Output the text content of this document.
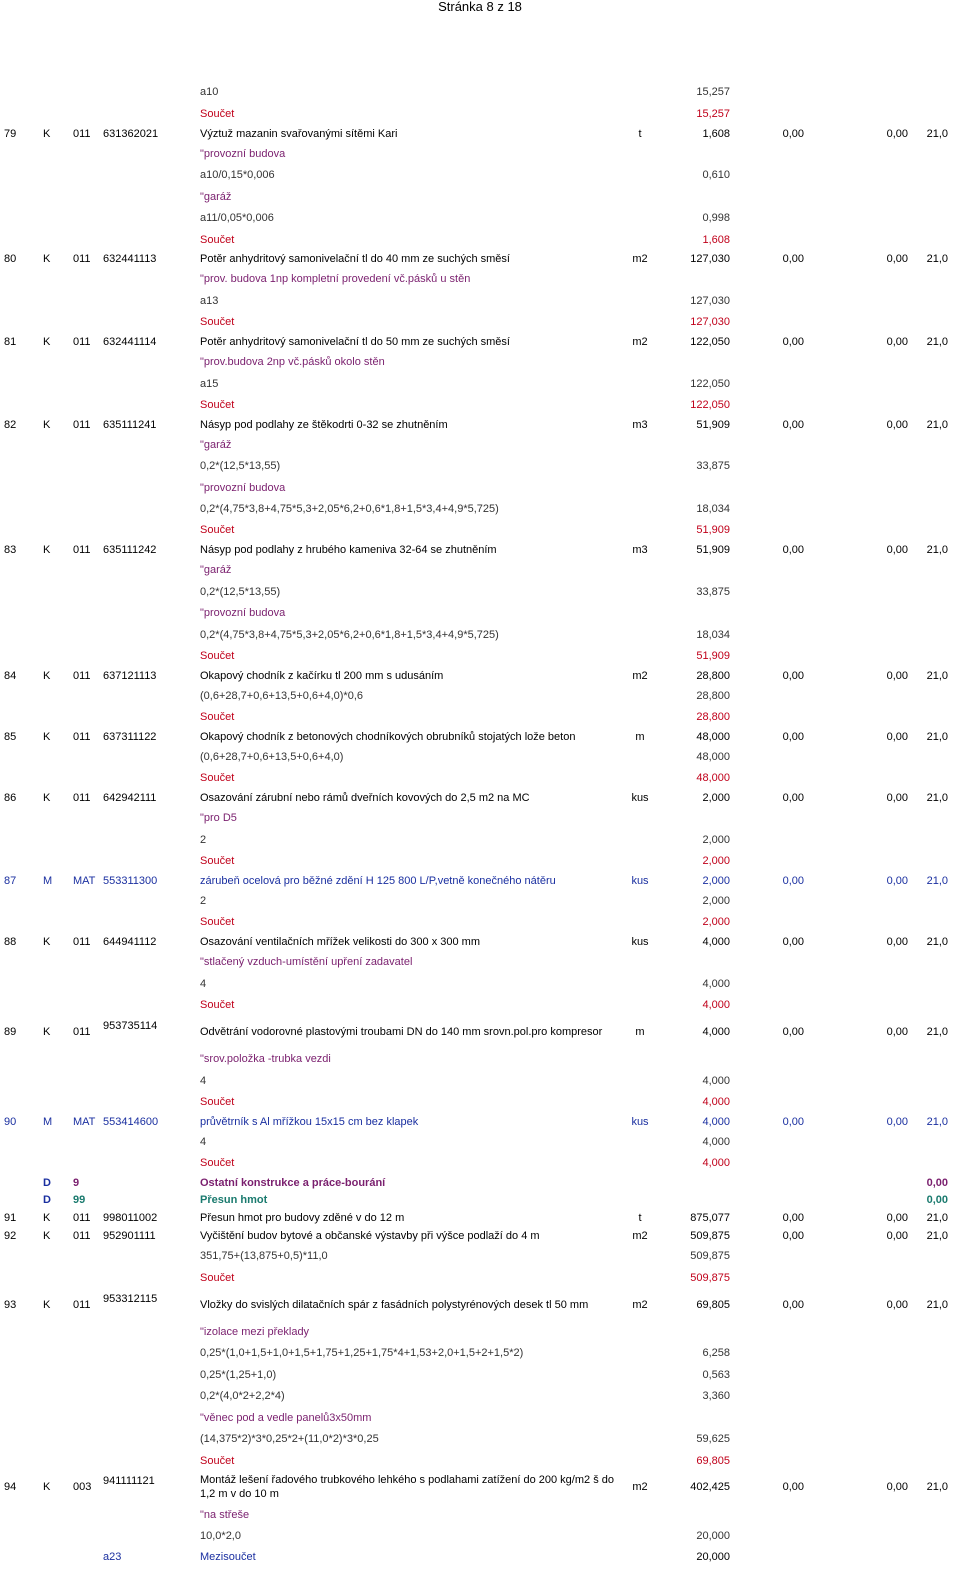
Stránka 8 z 18
a10	15,257
Součet	15,257
79 K 011 631362021	Výztuž mazanin svařovanými sítěmi Kari	t	1,608	0,00	0,00 21,0
"provozní budova
a10/0,15*0,006	0,610
"garáž
a11/0,05*0,006	0,998
Součet	1,608
80 K 011 632441113	Potěr anhydritový samonivelační tl do 40 mm ze suchých směsí	m2	127,030	0,00	0,00 21,0
"prov. budova 1np kompletní provedení vč.pásků u stěn
a13	127,030
Součet	127,030
81 K 011 632441114	Potěr anhydritový samonivelační tl do 50 mm ze suchých směsí	m2	122,050	0,00	0,00 21,0
"prov.budova 2np vč.pásků okolo stěn
a15	122,050
Součet	122,050
82 K 011 635111241	Násyp pod podlahy ze štěkodrti 0-32 se zhutněním	m3	51,909	0,00	0,00 21,0
"garáž
0,2*(12,5*13,55)	33,875
"provozní budova
0,2*(4,75*3,8+4,75*5,3+2,05*6,2+0,6*1,8+1,5*3,4+4,9*5,725)	18,034
Součet	51,909
83 K 011 635111242	Násyp pod podlahy z hrubého kameniva 32-64 se zhutněním	m3	51,909	0,00	0,00 21,0
"garáž
0,2*(12,5*13,55)	33,875
"provozní budova
0,2*(4,75*3,8+4,75*5,3+2,05*6,2+0,6*1,8+1,5*3,4+4,9*5,725)	18,034
Součet	51,909
84 K 011 637121113	Okapový chodník z kačírku tl 200 mm s udusáním	m2	28,800	0,00	0,00 21,0
(0,6+28,7+0,6+13,5+0,6+4,0)*0,6	28,800
Součet	28,800
85 K 011 637311122	Okapový chodník z betonových chodníkových obrubníků stojatých lože beton	m	48,000	0,00	0,00 21,0
(0,6+28,7+0,6+13,5+0,6+4,0)	48,000
Součet	48,000
86 K 011 642942111	Osazování zárubní nebo rámů dveřních kovových do 2,5 m2 na MC	kus	2,000	0,00	0,00 21,0
"pro D5
2	2,000
Součet	2,000
87 M MAT 553311300	zárubeň ocelová pro běžné zdění H 125 800 L/P,vetně konečného nátěru	kus	2,000	0,00	0,00 21,0
2	2,000
Součet	2,000
88 K 011 644941112	Osazování ventilačních mřížek velikosti do 300 x 300 mm	kus	4,000	0,00	0,00 21,0
"stlačený vzduch-umístění upření zadavatel
4	4,000
Součet	4,000
89 K 011 953735114	Odvětrání vodorovné plastovými troubami DN do 140 mm srovn.pol.pro kompresor	m	4,000	0,00	0,00 21,0
"srov.položka -trubka vezdi
4	4,000
Součet	4,000
90 M MAT 553414600	průvětrník s Al mřížkou 15x15 cm bez klapek	kus	4,000	0,00	0,00 21,0
4	4,000
Součet	4,000
D 9	Ostatní konstrukce a práce-bourání	0,00
D 99	Přesun hmot	0,00
91 K 011 998011002	Přesun hmot pro budovy zděné v do 12 m	t	875,077	0,00	0,00 21,0
92 K 011 952901111	Vyčištění budov bytové a občanské výstavby při výšce podlaží do 4 m	m2	509,875	0,00	0,00 21,0
351,75+(13,875+0,5)*11,0	509,875
Součet	509,875
93 K 011 953312115	Vložky do svislých dilatačních spár z fasádních polystyrénových desek tl 50 mm	m2	69,805	0,00	0,00 21,0
"izolace mezi překlady
0,25*(1,0+1,5+1,0+1,5+1,75+1,25+1,75*4+1,53+2,0+1,5+2+1,5*2)	6,258
0,25*(1,25+1,0)	0,563
0,2*(4,0*2+2,2*4)	3,360
"věnec pod a vedle panelů3x50mm
(14,375*2)*3*0,25*2+(11,0*2)*3*0,25	59,625
Součet	69,805
94 K 003 941111121	Montáž lešení řadového trubkového lehkého s podlahami zatížení do 200 kg/m2 š do 1,2 m v do 10 m
m2	402,425	0,00	0,00 21,0
"na střeše
10,0*2,0	20,000
a23	Mezisoučet	20,000
